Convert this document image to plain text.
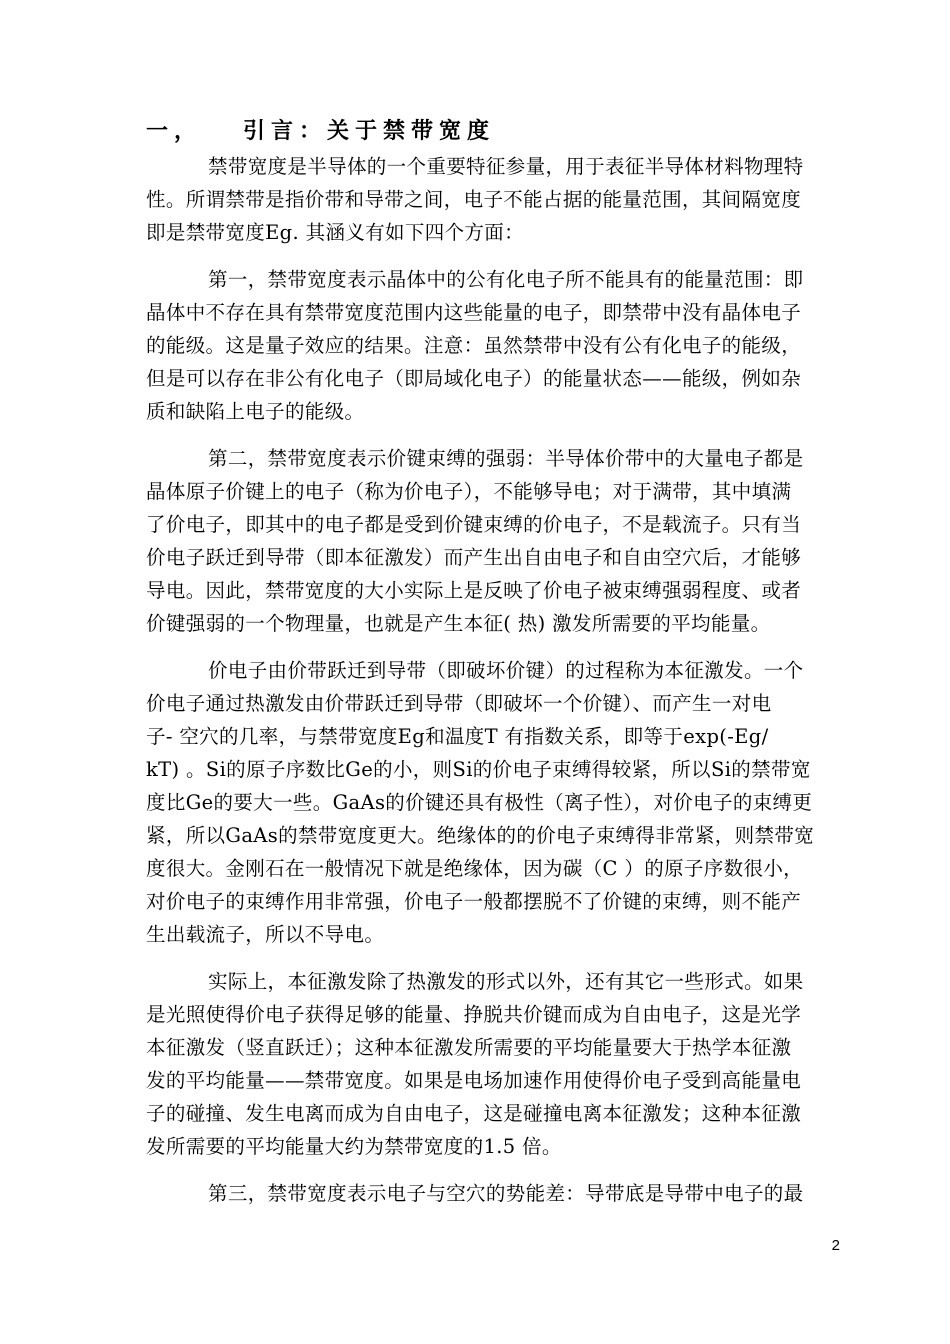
一，   引言：关于禁带宽度
禁带宽度是半导体的一个重要特征参量，用于表征半导体材料物理特
性。所谓禁带是指价带和导带之间，电子不能占据的能量范围，其间隔宽度
即是禁带宽度Eg. 其涵义有如下四个方面：
第一，禁带宽度表示晶体中的公有化电子所不能具有的能量范围：即
晶体中不存在具有禁带宽度范围内这些能量的电子，即禁带中没有晶体电子
的能级。这是量子效应的结果。注意：虽然禁带中没有公有化电子的能级，
但是可以存在非公有化电子（即局域化电子）的能量状态——能级，例如杂
质和缺陷上电子的能级。
第二，禁带宽度表示价键束缚的强弱：半导体价带中的大量电子都是
晶体原子价键上的电子（称为价电子），不能够导电；对于满带，其中填满
了价电子，即其中的电子都是受到价键束缚的价电子，不是载流子。只有当
价电子跃迁到导带（即本征激发）而产生出自由电子和自由空穴后，才能够
导电。因此，禁带宽度的大小实际上是反映了价电子被束缚强弱程度、或者
价键强弱的一个物理量，也就是产生本征( 热) 激发所需要的平均能量。
价电子由价带跃迁到导带（即破坏价键）的过程称为本征激发。一个
价电子通过热激发由价带跃迁到导带（即破坏一个价键）、而产生一对电
子- 空穴的几率，与禁带宽度Eg和温度T 有指数关系，即等于exp(-Eg/
kT) 。Si的原子序数比Ge的小，则Si的价电子束缚得较紧，所以Si的禁带宽
度比Ge的要大一些。GaAs的价键还具有极性（离子性），对价电子的束缚更
紧，所以GaAs的禁带宽度更大。绝缘体的的价电子束缚得非常紧，则禁带宽
度很大。金刚石在一般情况下就是绝缘体，因为碳（C ）的原子序数很小，
对价电子的束缚作用非常强，价电子一般都摆脱不了价键的束缚，则不能产
生出载流子，所以不导电。
实际上，本征激发除了热激发的形式以外，还有其它一些形式。如果
是光照使得价电子获得足够的能量、挣脱共价键而成为自由电子，这是光学
本征激发（竖直跃迁）；这种本征激发所需要的平均能量要大于热学本征激
发的平均能量——禁带宽度。如果是电场加速作用使得价电子受到高能量电
子的碰撞、发生电离而成为自由电子，这是碰撞电离本征激发；这种本征激
发所需要的平均能量大约为禁带宽度的1.5 倍。
第三，禁带宽度表示电子与空穴的势能差：导带底是导带中电子的最
2
